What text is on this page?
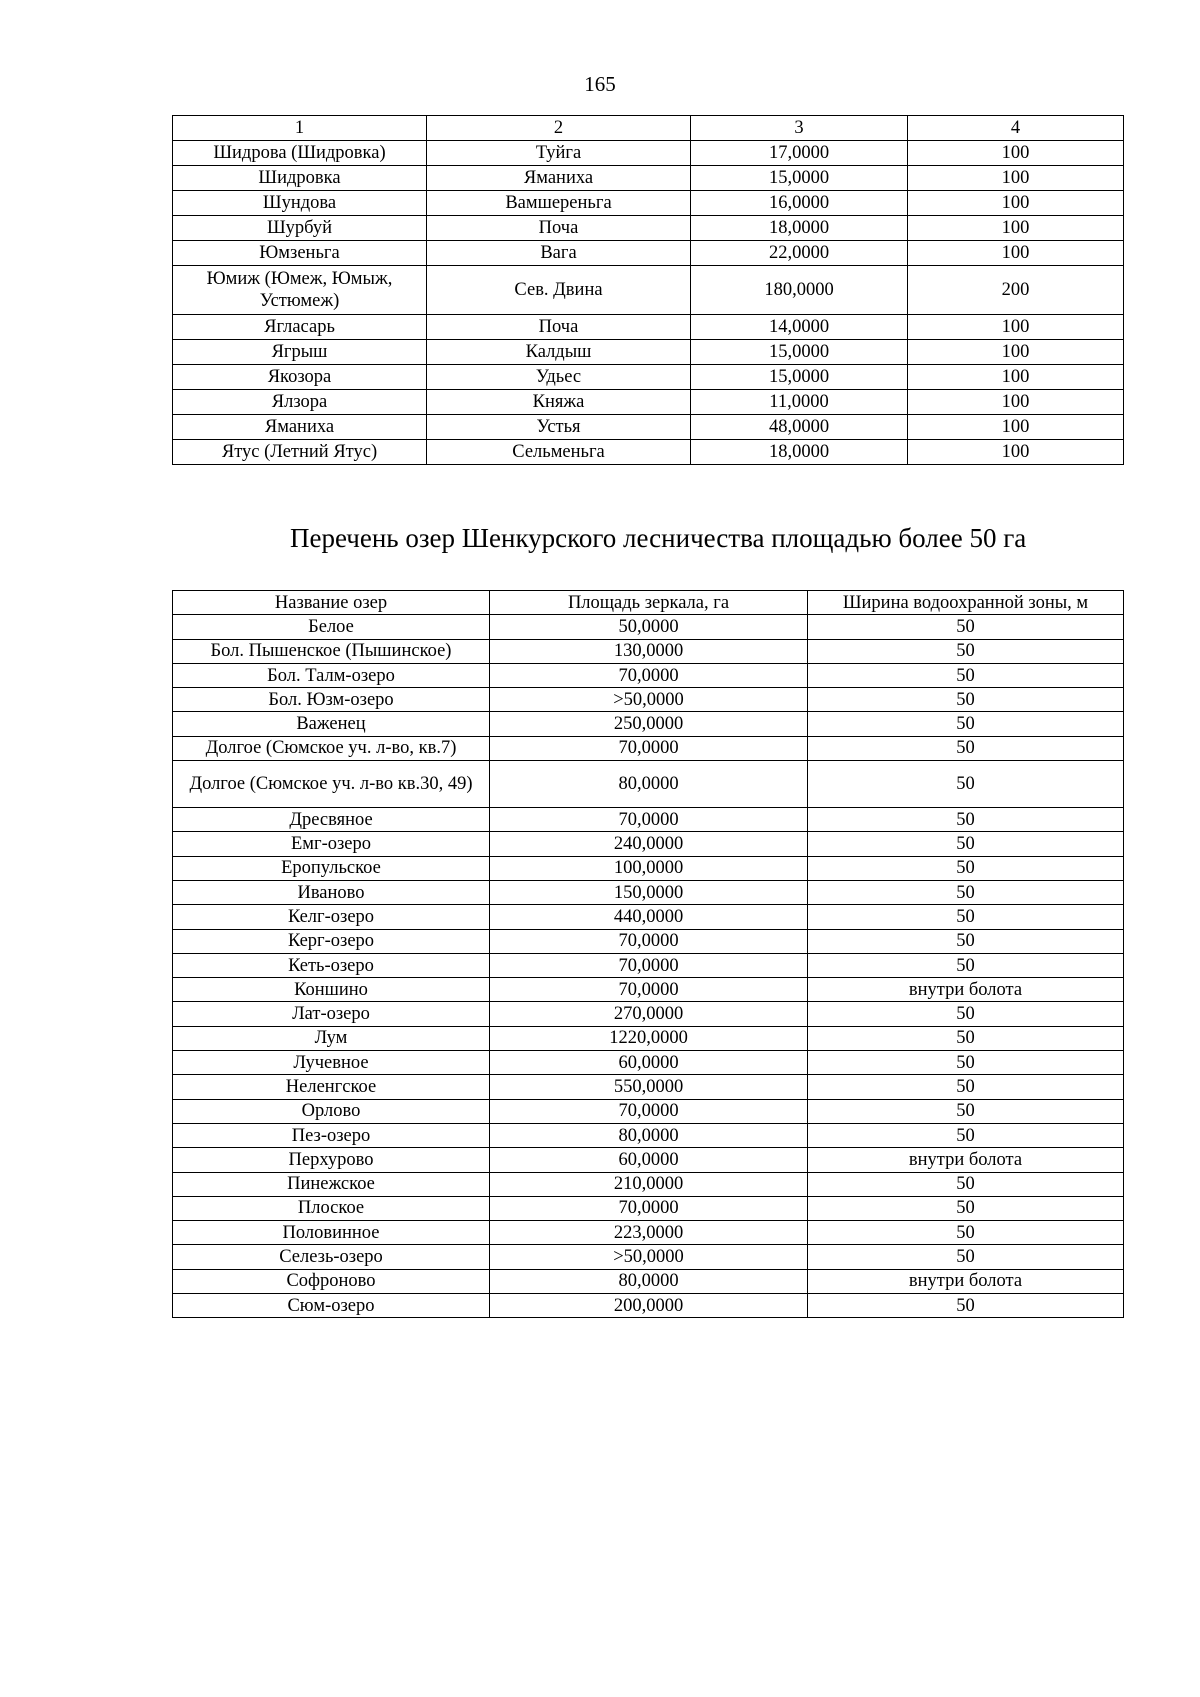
165
1	2	3	4
Шидрова (Шидровка)	Туйга	17,0000	100
Шидровка	Яманиха	15,0000	100
Шундова	Вамшереньга	16,0000	100
Шурбуй	Поча	18,0000	100
Юмзеньга	Вага	22,0000	100
Юмиж (Юмеж, Юмыж, Устюмеж)	Сев. Двина	180,0000	200
Ягласарь	Поча	14,0000	100
Ягрыш	Калдыш	15,0000	100
Якозора	Удьес	15,0000	100
Ялзора	Княжа	11,0000	100
Яманиха	Устья	48,0000	100
Ятус (Летний Ятус)	Сельменьга	18,0000	100
Перечень озер Шенкурского лесничества площадью более 50 га
Название озер	Площадь зеркала, га	Ширина водоохранной зоны, м
Белое	50,0000	50
Бол. Пышенское (Пышинское)	130,0000	50
Бол. Талм-озеро	70,0000	50
Бол. Юзм-озеро	>50,0000	50
Важенец	250,0000	50
Долгое (Сюмское уч. л-во, кв.7)	70,0000	50
Долгое (Сюмское уч. л-во кв.30, 49)	80,0000	50
Дресвяное	70,0000	50
Емг-озеро	240,0000	50
Еропульское	100,0000	50
Иваново	150,0000	50
Келг-озеро	440,0000	50
Керг-озеро	70,0000	50
Кеть-озеро	70,0000	50
Коншино	70,0000	внутри болота
Лат-озеро	270,0000	50
Лум	1220,0000	50
Лучевное	60,0000	50
Неленгское	550,0000	50
Орлово	70,0000	50
Пез-озеро	80,0000	50
Перхурово	60,0000	внутри болота
Пинежское	210,0000	50
Плоское	70,0000	50
Половинное	223,0000	50
Селезь-озеро	>50,0000	50
Софроново	80,0000	внутри болота
Сюм-озеро	200,0000	50
